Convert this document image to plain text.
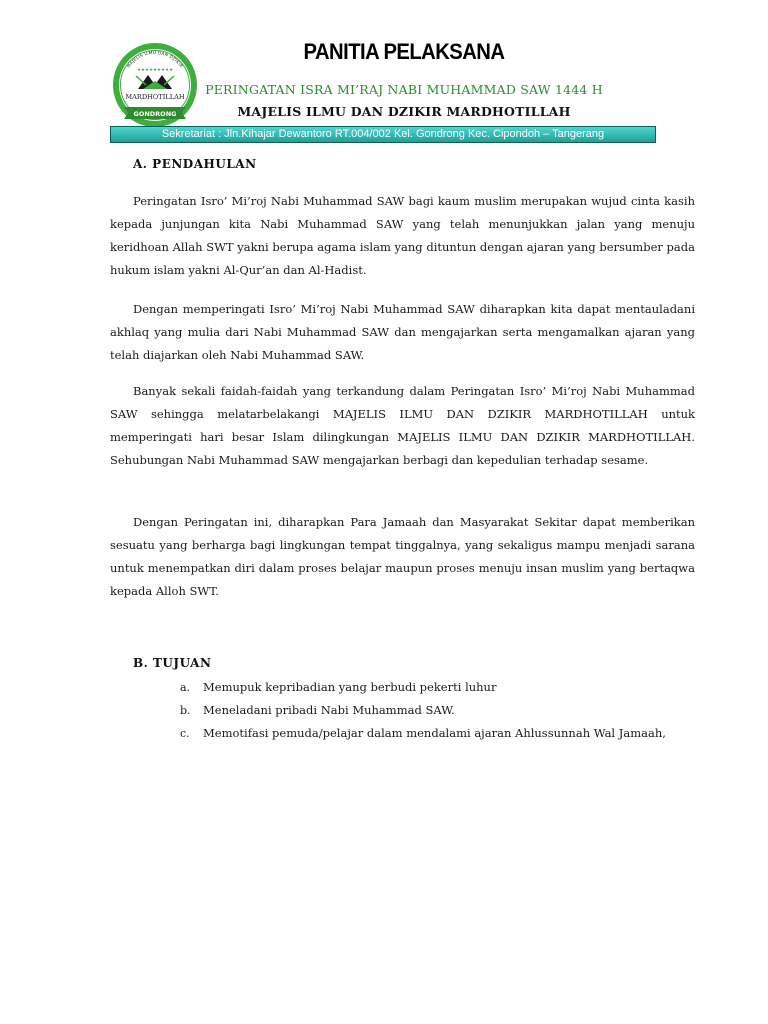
MAJELIS ILMU DAN DZIKIR
★★★★★★★★★
MARDHOTILLAH
GONDRONG
PANITIA PELAKSANA
PERINGATAN ISRA MI’RAJ NABI MUHAMMAD SAW 1444 H
MAJELIS ILMU DAN DZIKIR MARDHOTILLAH
Sekretariat : Jln.Kihajar Dewantoro RT.004/002 Kel. Gondrong Kec. Cipondoh – Tangerang
A. PENDAHULAN
Peringatan Isro’ Mi’roj Nabi Muhammad SAW bagi kaum muslim merupakan wujud cinta kasih kepada junjungan kita Nabi Muhammad SAW yang telah menunjukkan jalan yang menuju keridhoan Allah SWT yakni berupa agama islam yang dituntun dengan ajaran yang bersumber pada hukum islam yakni Al-Qur’an dan Al-Hadist.
Dengan memperingati Isro’ Mi’roj Nabi Muhammad SAW diharapkan kita dapat mentauladani akhlaq yang mulia dari Nabi Muhammad SAW dan mengajarkan serta mengamalkan ajaran yang telah diajarkan oleh Nabi Muhammad SAW.
Banyak sekali faidah-faidah yang terkandung dalam Peringatan Isro’ Mi’roj Nabi Muhammad SAW sehingga melatarbelakangi MAJELIS ILMU DAN DZIKIR MARDHOTILLAH untuk memperingati hari besar Islam dilingkungan MAJELIS ILMU DAN DZIKIR MARDHOTILLAH. Sehubungan Nabi Muhammad SAW mengajarkan berbagi dan kepedulian terhadap sesame.
Dengan Peringatan ini, diharapkan Para Jamaah dan Masyarakat Sekitar dapat memberikan sesuatu yang berharga bagi lingkungan tempat tinggalnya, yang sekaligus mampu menjadi sarana untuk menempatkan diri dalam proses belajar maupun proses menuju insan muslim yang bertaqwa kepada Alloh SWT.
B. TUJUAN
a. Memupuk kepribadian yang berbudi pekerti luhur
b. Meneladani pribadi Nabi Muhammad SAW.
c. Memotifasi pemuda/pelajar dalam mendalami ajaran Ahlussunnah Wal Jamaah,
